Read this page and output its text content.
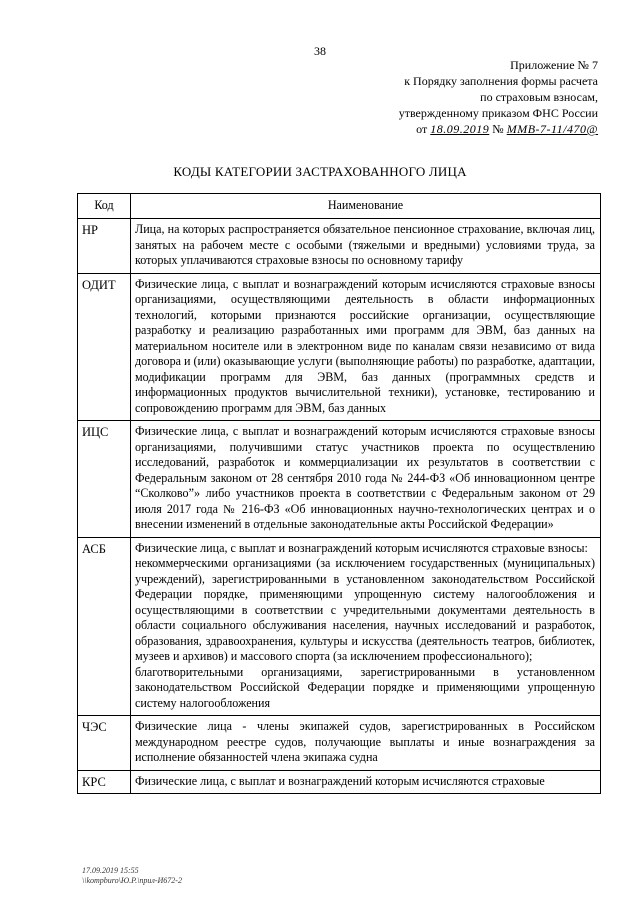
38
Приложение № 7
к Порядку заполнения формы расчета
по страховым взносам,
утвержденному приказом ФНС России
от 18.09.2019 № ММВ-7-11/470@
КОДЫ КАТЕГОРИИ ЗАСТРАХОВАННОГО ЛИЦА
Код	Наименование
НР	Лица, на которых распространяется обязательное пенсионное страхование, включая лиц, занятых на рабочем месте с особыми (тяжелыми и вредными) условиями труда, за которых уплачиваются страховые взносы по основному тарифу

ОДИТ	Физические лица, с выплат и вознаграждений которым исчисляются страховые взносы организациями, осуществляющими деятельность в области информационных технологий, которыми признаются российские организации, осуществляющие разработку и реализацию разработанных ими программ для ЭВМ, баз данных на материальном носителе или в электронном виде по каналам связи независимо от вида договора и (или) оказывающие услуги (выполняющие работы) по разработке, адаптации, модификации программ для ЭВМ, баз данных (программных средств и информационных продуктов вычислительной техники), установке, тестированию и сопровождению программ для ЭВМ, баз данных

ИЦС	Физические лица, с выплат и вознаграждений которым исчисляются страховые взносы организациями, получившими статус участников проекта по осуществлению исследований, разработок и коммерциализации их результатов в соответствии с Федеральным законом от 28 сентября 2010 года № 244-ФЗ «Об инновационном центре “Сколково”» либо участников проекта в соответствии с Федеральным законом от 29 июля 2017 года № 216-ФЗ «Об инновационных научно-технологических центрах и о внесении изменений в отдельные законодательные акты Российской Федерации»

АСБ	Физические лица, с выплат и вознаграждений которым исчисляются страховые взносы:

некоммерческими организациями (за исключением государственных (муниципальных) учреждений), зарегистрированными в установленном законодательством Российской Федерации порядке, применяющими упрощенную систему налогообложения и осуществляющими в соответствии с учредительными документами деятельность в области социального обслуживания населения, научных исследований и разработок, образования, здравоохранения, культуры и искусства (деятельность театров, библиотек, музеев и архивов) и массового спорта (за исключением профессионального);

благотворительными организациями, зарегистрированными в установленном законодательством Российской Федерации порядке и применяющими упрощенную систему налогообложения

ЧЭС	Физические лица - члены экипажей судов, зарегистрированных в Российском международном реестре судов, получающие выплаты и иные вознаграждения за исполнение обязанностей члена экипажа судна

КРС	Физические лица, с выплат и вознаграждений которым исчисляются страховые

17.09.2019 15:55
\\kompburo\Ю.Р.\прил-И672-2
